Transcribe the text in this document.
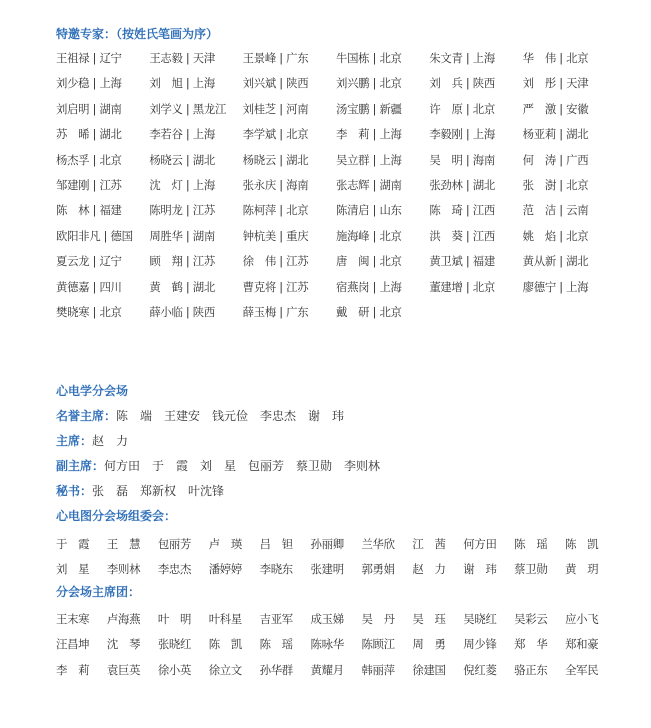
特邀专家：（按姓氏笔画为序）
王祖禄 | 辽宁	王志毅 | 天津	王景峰 | 广东	牛国栋 | 北京	朱文青 | 上海	华　伟 | 北京
刘少稳 | 上海	刘　旭 | 上海	刘兴斌 | 陕西	刘兴鹏 | 北京	刘　兵 | 陕西	刘　彤 | 天津
刘启明 | 湖南	刘学义 | 黑龙江	刘桂芝 | 河南	汤宝鹏 | 新疆	许　原 | 北京	严　激 | 安徽
苏　晞 | 湖北	李若谷 | 上海	李学斌 | 北京	李　莉 | 上海	李毅刚 | 上海	杨亚莉 | 湖北
杨杰孚 | 北京	杨晓云 | 湖北	杨晓云 | 湖北	吴立群 | 上海	吴　明 | 海南	何　涛 | 广西
邹建刚 | 江苏	沈　灯 | 上海	张永庆 | 海南	张志辉 | 湖南	张劲林 | 湖北	张　澍 | 北京
陈　林 | 福建	陈明龙 | 江苏	陈柯萍 | 北京	陈清启 | 山东	陈　琦 | 江西	范　洁 | 云南
欧阳非凡 | 德国	周胜华 | 湖南	钟杭美 | 重庆	施海峰 | 北京	洪　葵 | 江西	姚　焰 | 北京
夏云龙 | 辽宁	顾　翔 | 江苏	徐　伟 | 江苏	唐　闽 | 北京	黄卫斌 | 福建	黄从新 | 湖北
黄德嘉 | 四川	黄　鹤 | 湖北	曹克将 | 江苏	宿燕岗 | 上海	董建增 | 北京	廖德宁 | 上海
樊晓寒 | 北京	薛小临 | 陕西	薛玉梅 | 广东	戴　研 | 北京
心电学分会场
名誉主席：陈　端　王建安　钱元俭　李忠杰　谢　玮
主席：赵　力
副主席：何方田　于　霞　刘　星　包丽芳　蔡卫勋　李则林
秘书：张　磊　郑新权　叶沈锋
心电图分会场组委会：
于　霞	王　慧	包丽芳	卢　瑛	吕　钽	孙丽卿	兰华欣	江　茜	何方田	陈　瑶	陈　凯
刘　星	李则林	李忠杰	潘婷婷	李晓东	张建明	郭勇娟	赵　力	谢　玮	蔡卫勋	黄　玥
分会场主席团：
王末寒	卢海燕	叶　明	叶科星	吉亚军	成玉娣	吴　丹	吴　珏	吴晓红	吴彩云	应小飞
汪昌坤	沈　琴	张晓红	陈　凯	陈　瑶	陈咏华	陈顾江	周　勇	周少锋	郑　华	郑和豪
李　莉	袁巨英	徐小英	徐立文	孙华群	黄耀月	韩丽萍	徐建国	倪红菱	骆正东	全军民
